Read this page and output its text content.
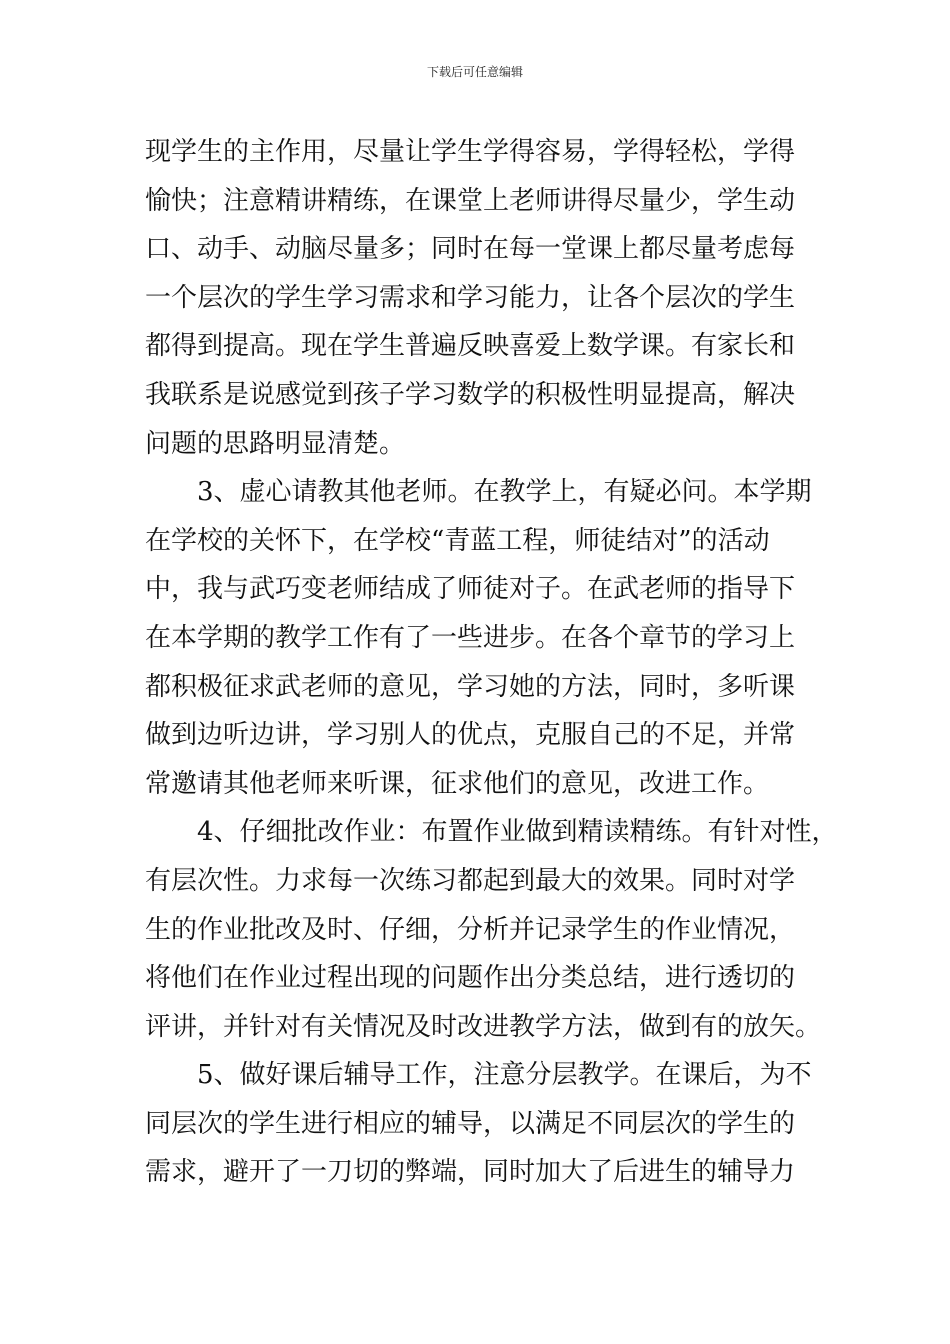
下载后可任意编辑
现学生的主作用，尽量让学生学得容易，学得轻松，学得
愉快；注意精讲精练，在课堂上老师讲得尽量少，学生动
口、动手、动脑尽量多；同时在每一堂课上都尽量考虑每
一个层次的学生学习需求和学习能力，让各个层次的学生
都得到提高。现在学生普遍反映喜爱上数学课。有家长和
我联系是说感觉到孩子学习数学的积极性明显提高，解决
问题的思路明显清楚。
3、虚心请教其他老师。在教学上，有疑必问。本学期
在学校的关怀下，在学校“青蓝工程，师徒结对”的活动
中，我与武巧变老师结成了师徒对子。在武老师的指导下
在本学期的教学工作有了一些进步。在各个章节的学习上
都积极征求武老师的意见，学习她的方法，同时，多听课
做到边听边讲，学习别人的优点，克服自己的不足，并常
常邀请其他老师来听课，征求他们的意见，改进工作。
4、仔细批改作业：布置作业做到精读精练。有针对性，
有层次性。力求每一次练习都起到最大的效果。同时对学
生的作业批改及时、仔细，分析并记录学生的作业情况，
将他们在作业过程出现的问题作出分类总结，进行透切的
评讲，并针对有关情况及时改进教学方法，做到有的放矢。
5、做好课后辅导工作，注意分层教学。在课后，为不
同层次的学生进行相应的辅导，以满足不同层次的学生的
需求，避开了一刀切的弊端，同时加大了后进生的辅导力
